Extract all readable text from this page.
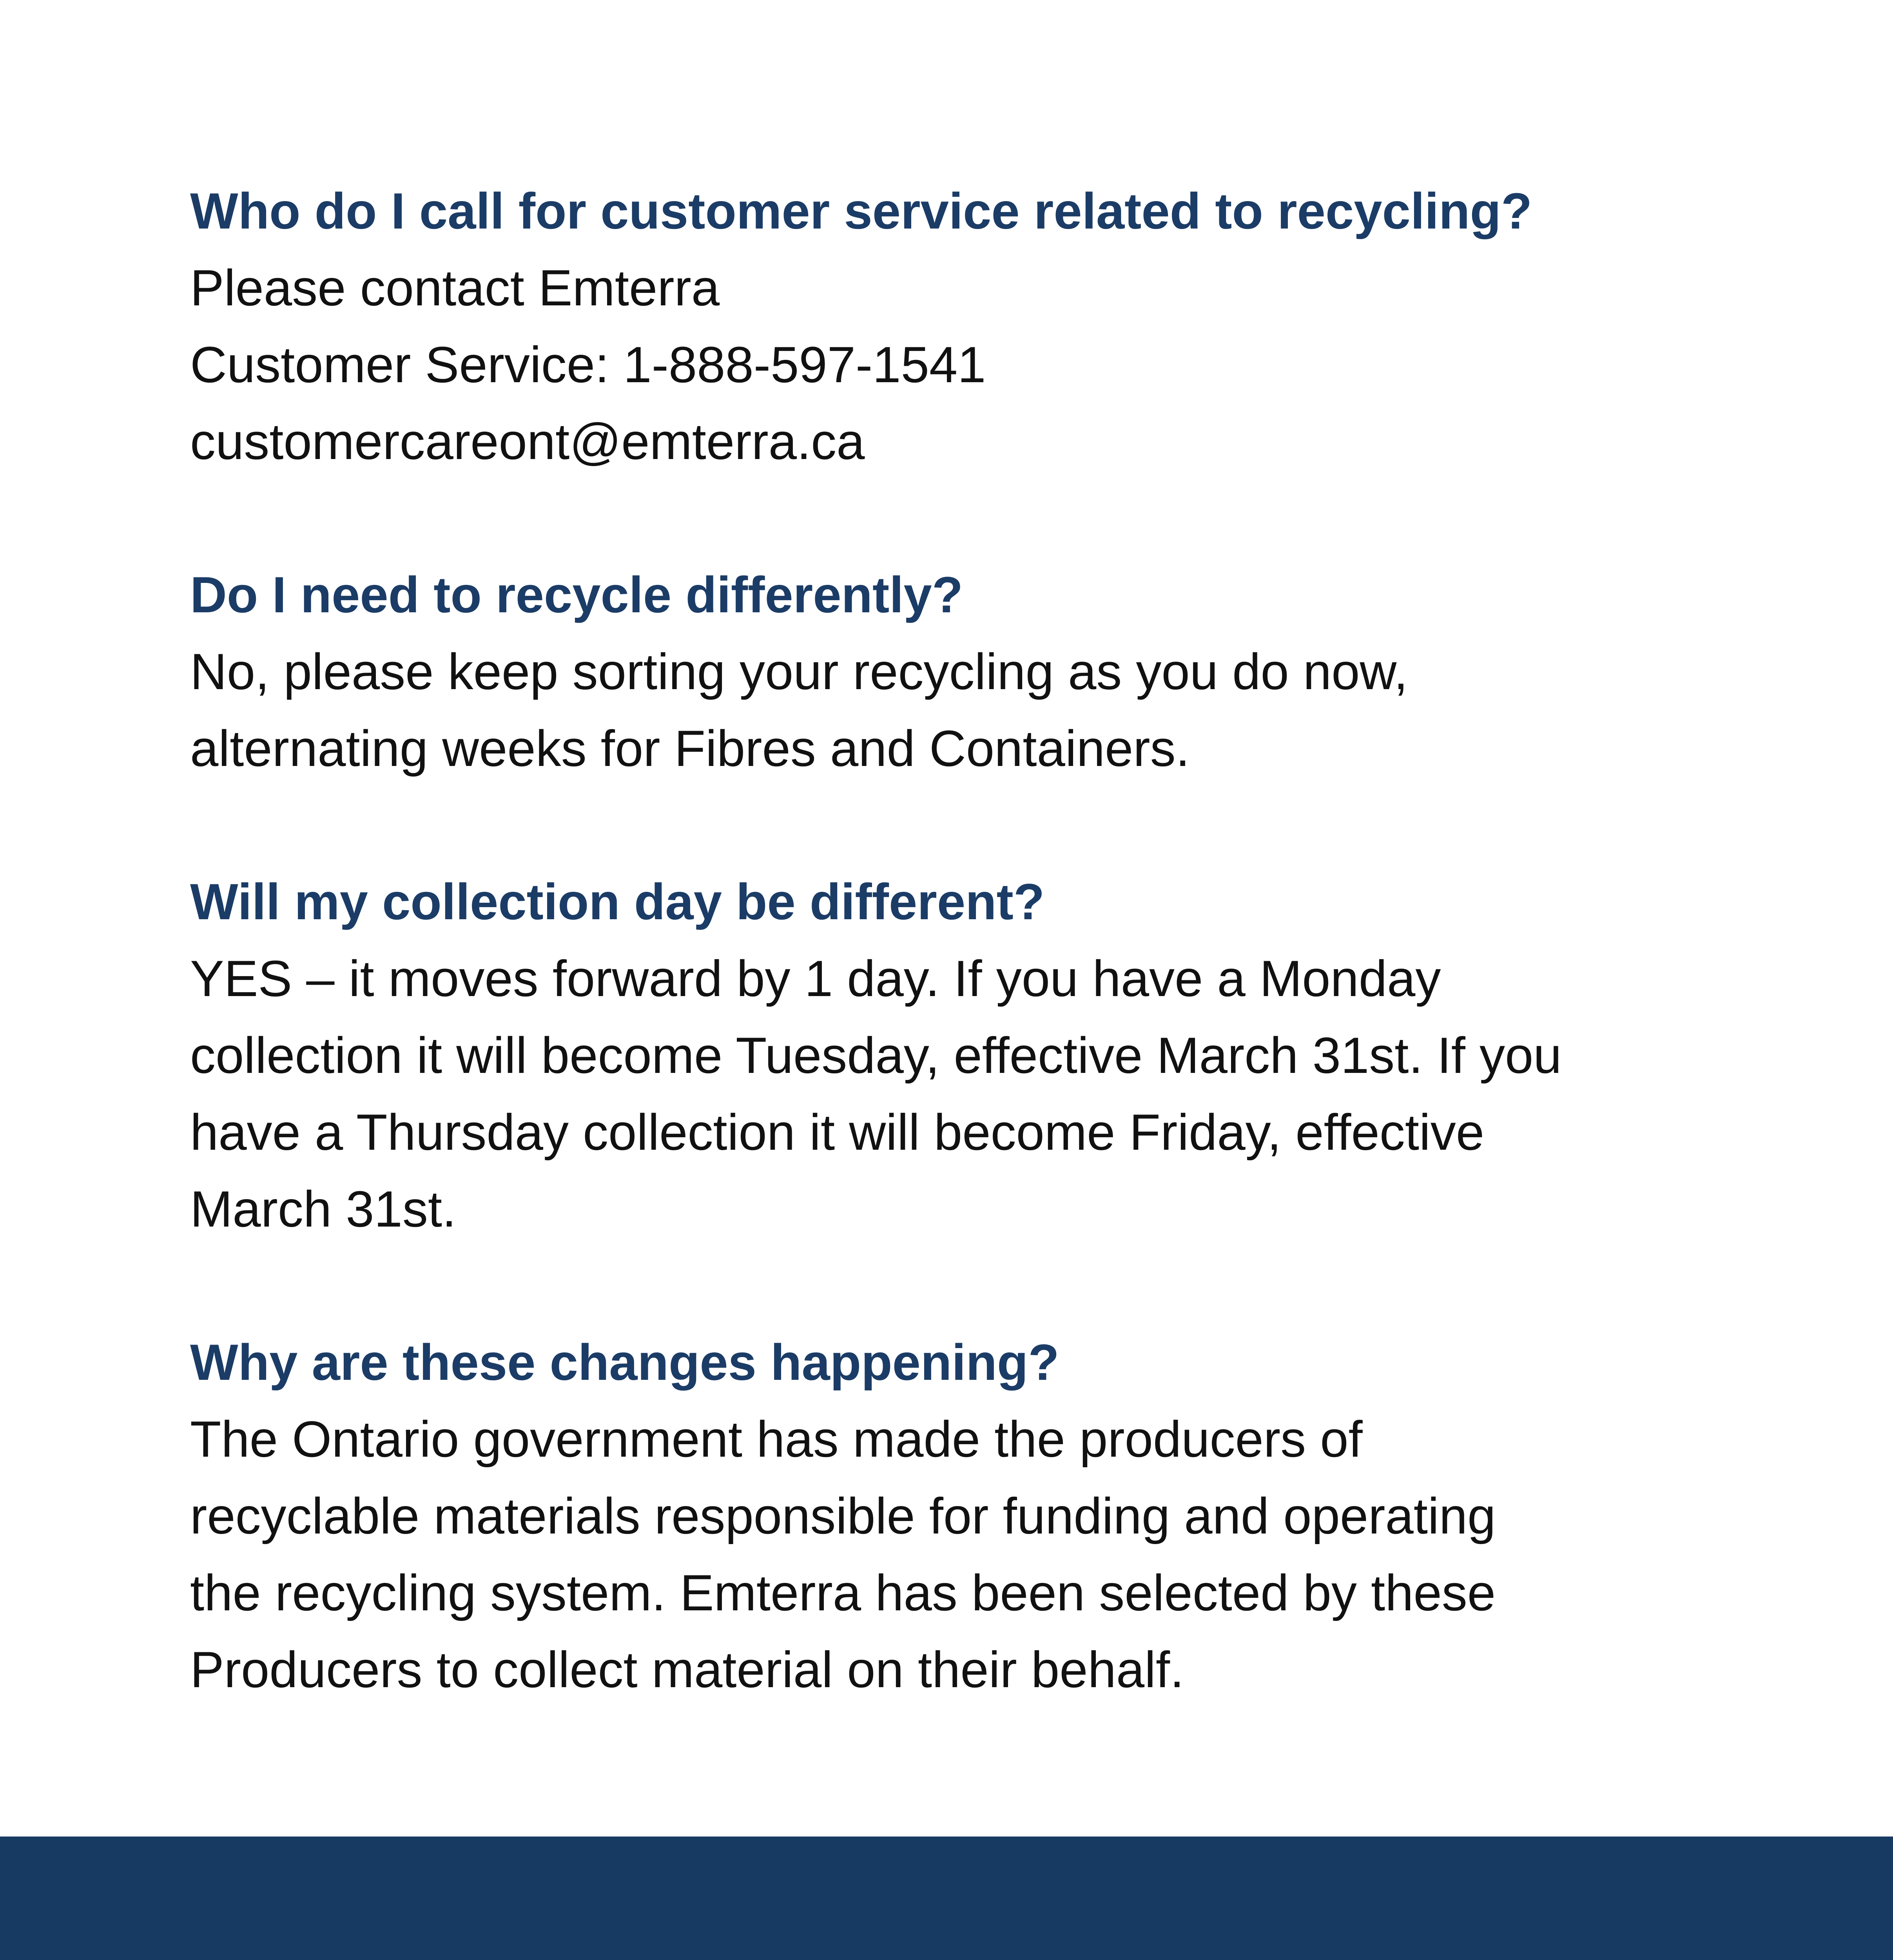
Who do I call for customer service related to recycling?

Please contact Emterra

Customer Service: 1-888-597-1541

customercareont@emterra.ca

Do I need to recycle differently?

No, please keep sorting your recycling as you do now,

alternating weeks for Fibres and Containers.

Will my collection day be different?

YES – it moves forward by 1 day. If you have a Monday

collection it will become Tuesday, effective March 31st. If you

have a Thursday collection it will become Friday, effective

March 31st.

Why are these changes happening?

The Ontario government has made the producers of

recyclable materials responsible for funding and operating

the recycling system. Emterra has been selected by these

Producers to collect material on their behalf.
